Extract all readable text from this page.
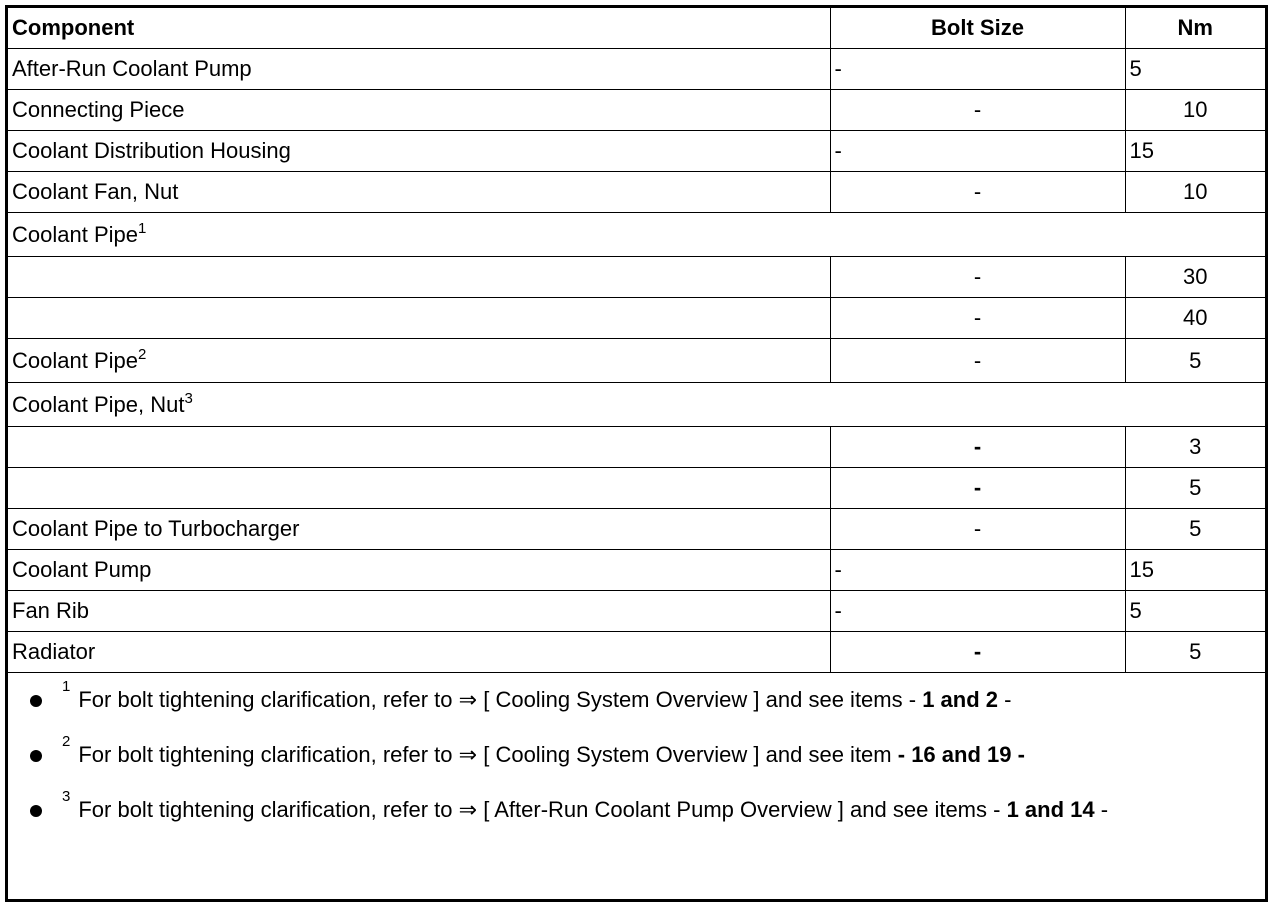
Component	Bolt Size	Nm
After-Run Coolant Pump	-	5
Connecting Piece	-	10
Coolant Distribution Housing	-	15
Coolant Fan, Nut	-	10
Coolant Pipe$^1$
	-	30
	-	40
Coolant Pipe$^2$	-	5
Coolant Pipe, Nut$^3$
	-	3
	-	5
Coolant Pipe to Turbocharger	-	5
Coolant Pump	-	15
Fan Rib	-	5
Radiator	-	5
1
For bolt tightening clarification, refer to ⇒ [ Cooling System Overview ] and see items - 1 and 2 -
2
For bolt tightening clarification, refer to ⇒ [ Cooling System Overview ] and see item - 16 and 19 -
3
For bolt tightening clarification, refer to ⇒ [ After-Run Coolant Pump Overview ] and see items - 1 and 14 -
